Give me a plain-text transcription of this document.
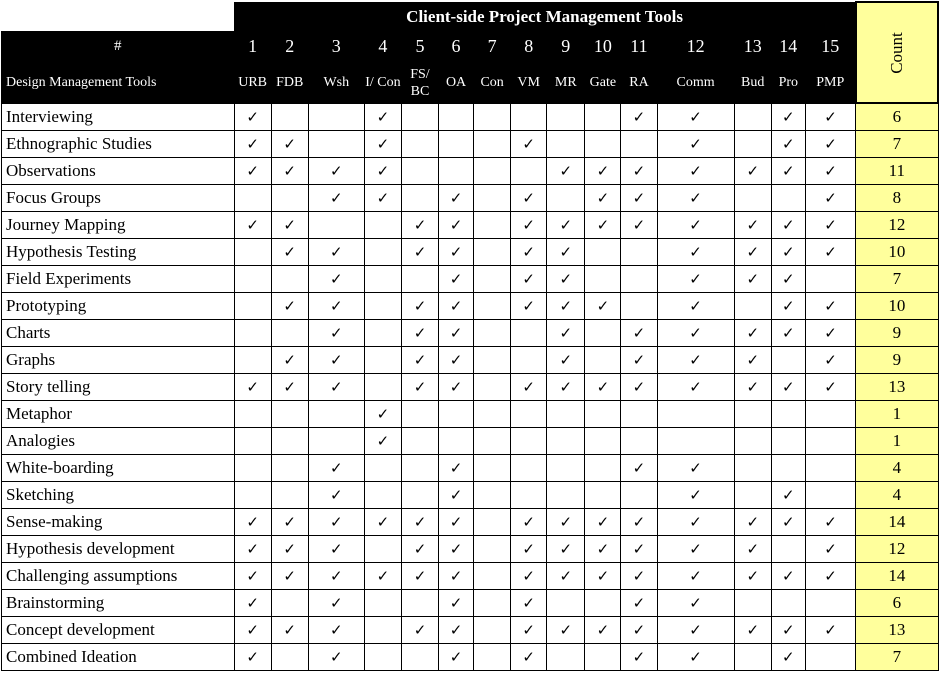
	Client-side Project Management Tools															Count
#	1	2	3	4	5	6	7	8	9	10	11	12	13	14	15	
Design Management Tools	URB	FDB	Wsh	I/ Con	FS/ BC	OA	Con	VM	MR	Gate	RA	Comm	Bud	Pro	PMP	
Interviewing	✓			✓							✓	✓		✓	✓	6
Ethnographic Studies	✓	✓		✓				✓				✓		✓	✓	7
Observations	✓	✓	✓	✓					✓	✓	✓	✓	✓	✓	✓	11
Focus Groups			✓	✓		✓		✓		✓	✓	✓			✓	8
Journey Mapping	✓	✓			✓	✓		✓	✓	✓	✓	✓	✓	✓	✓	12
Hypothesis Testing		✓	✓		✓	✓		✓	✓			✓	✓	✓	✓	10
Field Experiments			✓			✓		✓	✓			✓	✓	✓		7
Prototyping		✓	✓		✓	✓		✓	✓	✓		✓		✓	✓	10
Charts			✓		✓	✓			✓		✓	✓	✓	✓	✓	9
Graphs		✓	✓		✓	✓			✓		✓	✓	✓		✓	9
Story telling	✓	✓	✓		✓	✓		✓	✓	✓	✓	✓	✓	✓	✓	13
Metaphor				✓												1
Analogies				✓												1
White-boarding			✓			✓					✓	✓				4
Sketching			✓			✓						✓		✓		4
Sense-making	✓	✓	✓	✓	✓	✓		✓	✓	✓	✓	✓	✓	✓	✓	14
Hypothesis development	✓	✓	✓		✓	✓		✓	✓	✓	✓	✓	✓		✓	12
Challenging assumptions	✓	✓	✓	✓	✓	✓		✓	✓	✓	✓	✓	✓	✓	✓	14
Brainstorming	✓		✓			✓		✓			✓	✓				6
Concept development	✓	✓	✓		✓	✓		✓	✓	✓	✓	✓	✓	✓	✓	13
Combined Ideation	✓		✓			✓		✓			✓	✓		✓		7
